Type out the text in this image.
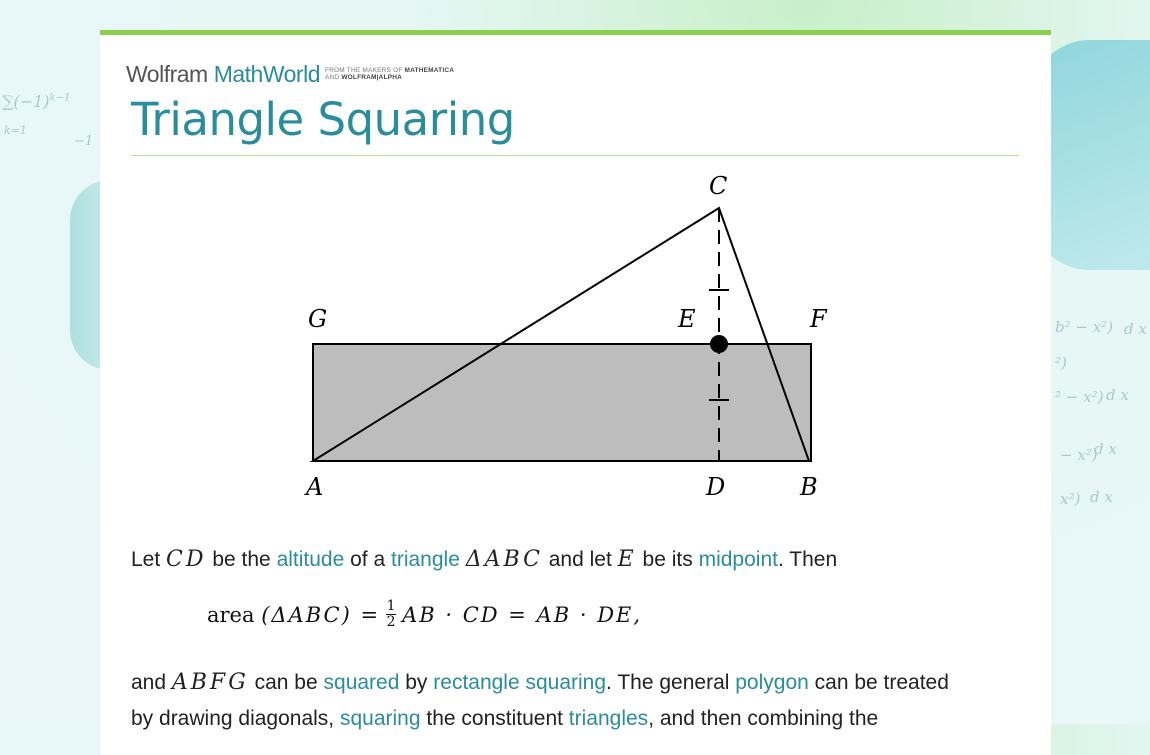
$\sum(-1)^{k-1}$
k=1
−1
b² − x²) d x
²)
² − x²) d x
− x²)
d x
x²) d x
Wolfram MathWorld FROM THE MAKERS OF MATHEMATICA
AND WOLFRAM|ALPHA
Triangle Squaring
C
G	E	F
A	D	B

Let CD be the altitude of a triangle ΔABC and let E be its midpoint. Then

area
$(\Delta ABC) = \frac{1}{2}$ AB · CD = AB · DE,

and ABFG can be squared by rectangle squaring. The general polygon can be treated

by drawing diagonals, squaring the constituent triangles, and then combining the
